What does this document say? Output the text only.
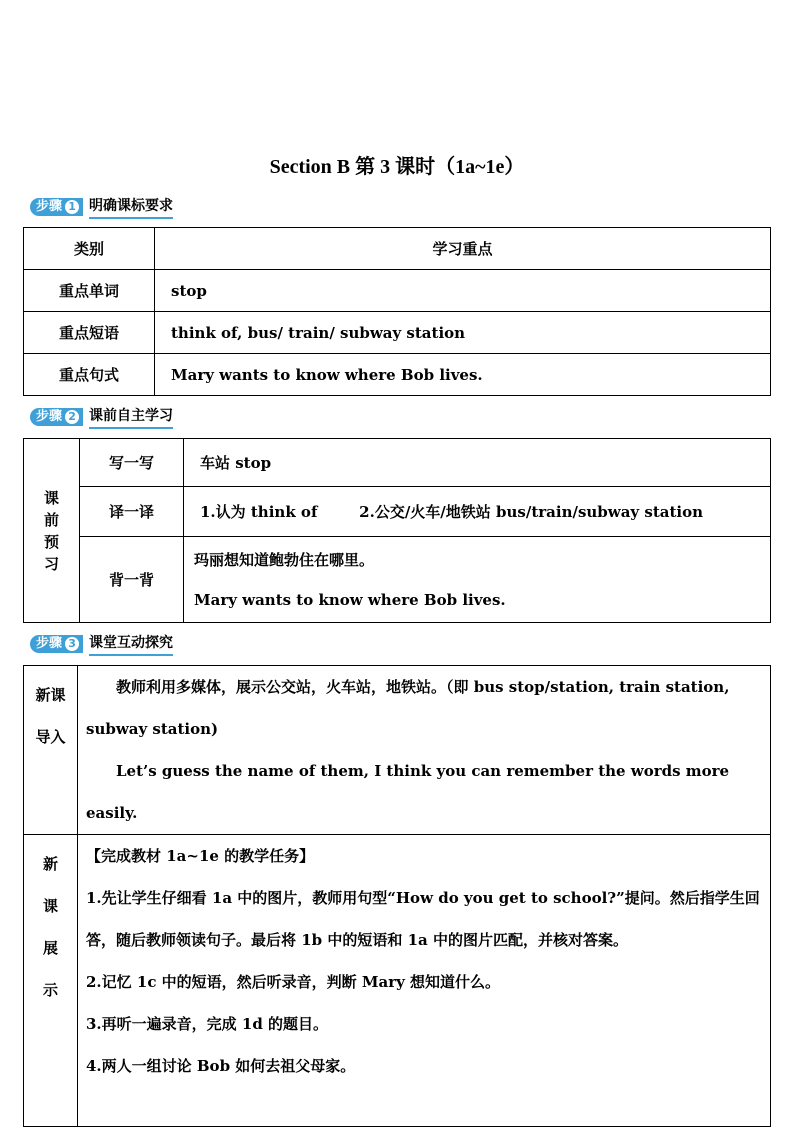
Section B 第 3 课时（1a~1e）
步骤 1 明确课标要求
类别	学习重点
重点单词	stop
重点短语	think of, bus/ train/ subway station
重点句式	Mary wants to know where Bob lives.
步骤 2 课前自主学习
课前预习	写一写	车站 stop
	译一译	1.认为 think of        2.公交/火车/地铁站 bus/train/subway station
	背一背	玛丽想知道鲍勃住在哪里。
Mary wants to know where Bob lives.
步骤 3 课堂互动探究
新课导入	教师利用多媒体，展示公交站，火车站，地铁站。（即 bus stop/station, train station, subway station)
Let’s guess the name of them, I think you can remember the words more easily.

新课展示	【完成教材 1a~1e 的教学任务】
1.先让学生仔细看 1a 中的图片，教师用句型“How do you get to school?”提问。然后指学生回答，随后教师领读句子。最后将 1b 中的短语和 1a 中的图片匹配，并核对答案。
2.记忆 1c 中的短语，然后听录音，判断 Mary 想知道什么。
3.再听一遍录音，完成 1d 的题目。
4.两人一组讨论 Bob 如何去祖父母家。
